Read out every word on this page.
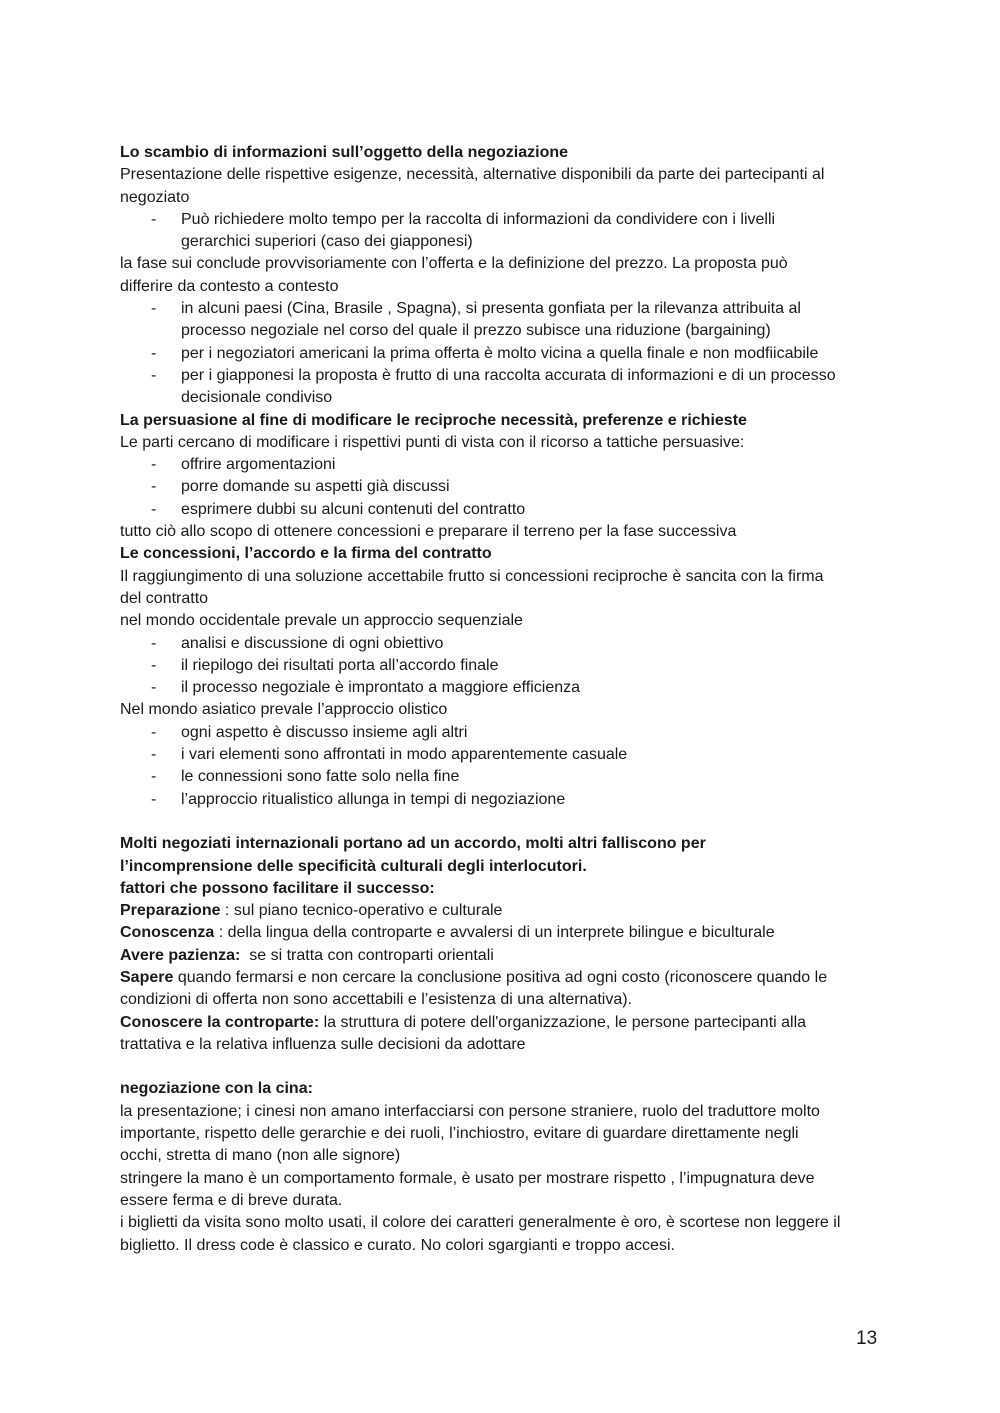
Lo scambio di informazioni sull’oggetto della negoziazione

Presentazione delle rispettive esigenze, necessità, alternative disponibili da parte dei partecipanti al

negoziato

- Può richiedere molto tempo per la raccolta di informazioni da condividere con i livelli
gerarchici superiori (caso dei giapponesi)

la fase sui conclude provvisoriamente con l’offerta e la definizione del prezzo. La proposta può

differire da contesto a contesto

- in alcuni paesi (Cina, Brasile , Spagna), si presenta gonfiata per la rilevanza attribuita al
processo negoziale nel corso del quale il prezzo subisce una riduzione (bargaining)
- per i negoziatori americani la prima offerta è molto vicina a quella finale e non modfiicabile
- per i giapponesi la proposta è frutto di una raccolta accurata di informazioni e di un processo
decisionale condiviso

La persuasione al fine di modificare le reciproche necessità, preferenze e richieste

Le parti cercano di modificare i rispettivi punti di vista con il ricorso a tattiche persuasive:

- offrire argomentazioni
- porre domande su aspetti già discussi
- esprimere dubbi su alcuni contenuti del contratto

tutto ciò allo scopo di ottenere concessioni e preparare il terreno per la fase successiva

Le concessioni, l’accordo e la firma del contratto

Il raggiungimento di una soluzione accettabile frutto si concessioni reciproche è sancita con la firma

del contratto

nel mondo occidentale prevale un approccio sequenziale

- analisi e discussione di ogni obiettivo
- il riepilogo dei risultati porta all’accordo finale
- il processo negoziale è improntato a maggiore efficienza

Nel mondo asiatico prevale l’approccio olistico

- ogni aspetto è discusso insieme agli altri
- i vari elementi sono affrontati in modo apparentemente casuale
- le connessioni sono fatte solo nella fine
- l’approccio ritualistico allunga in tempi di negoziazione

Molti negoziati internazionali portano ad un accordo, molti altri falliscono per

l’incomprensione delle specificità culturali degli interlocutori.

fattori che possono facilitare il successo:

Preparazione : sul piano tecnico-operativo e culturale

Conoscenza : della lingua della controparte e avvalersi di un interprete bilingue e biculturale

Avere pazienza:  se si tratta con controparti orientali

Sapere quando fermarsi e non cercare la conclusione positiva ad ogni costo (riconoscere quando le

condizioni di offerta non sono accettabili e l’esistenza di una alternativa).

Conoscere la controparte: la struttura di potere dell'organizzazione, le persone partecipanti alla

trattativa e la relativa influenza sulle decisioni da adottare

negoziazione con la cina:

la presentazione; i cinesi non amano interfacciarsi con persone straniere, ruolo del traduttore molto

importante, rispetto delle gerarchie e dei ruoli, l’inchiostro, evitare di guardare direttamente negli

occhi, stretta di mano (non alle signore)

stringere la mano è un comportamento formale, è usato per mostrare rispetto , l’impugnatura deve

essere ferma e di breve durata.

i biglietti da visita sono molto usati, il colore dei caratteri generalmente è oro, è scortese non leggere il

biglietto. Il dress code è classico e curato. No colori sgargianti e troppo accesi.

13
